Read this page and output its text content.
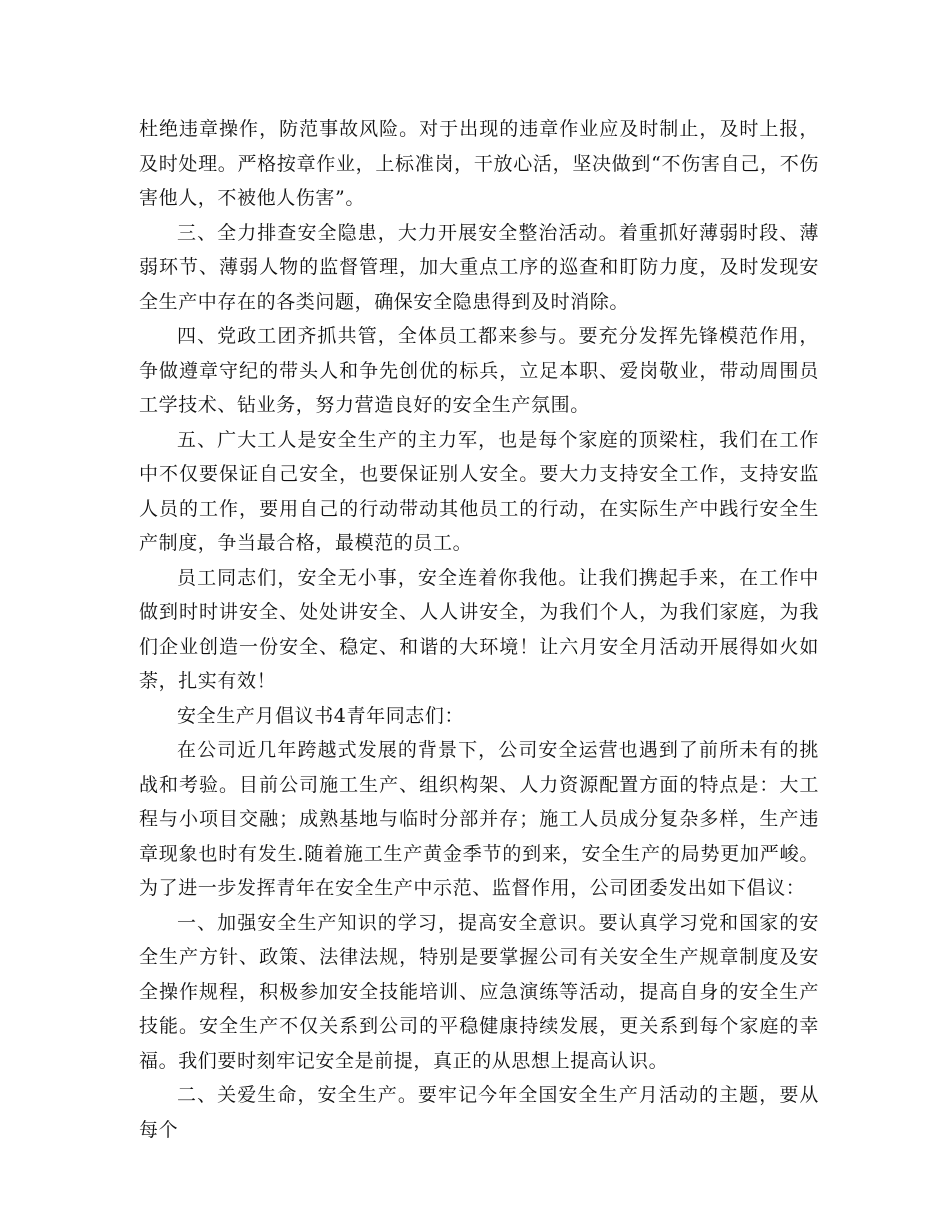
杜绝违章操作，防范事故风险。对于出现的违章作业应及时制止，及时上报，及时处理。严格按章作业，上标准岗，干放心活，坚决做到“不伤害自己，不伤害他人，不被他人伤害”。

三、全力排查安全隐患，大力开展安全整治活动。着重抓好薄弱时段、薄弱环节、薄弱人物的监督管理，加大重点工序的巡查和盯防力度，及时发现安全生产中存在的各类问题，确保安全隐患得到及时消除。

四、党政工团齐抓共管，全体员工都来参与。要充分发挥先锋模范作用，争做遵章守纪的带头人和争先创优的标兵，立足本职、爱岗敬业，带动周围员工学技术、钻业务，努力营造良好的安全生产氛围。

五、广大工人是安全生产的主力军，也是每个家庭的顶梁柱，我们在工作中不仅要保证自己安全，也要保证别人安全。要大力支持安全工作，支持安监人员的工作，要用自己的行动带动其他员工的行动，在实际生产中践行安全生产制度，争当最合格，最模范的员工。

员工同志们，安全无小事，安全连着你我他。让我们携起手来，在工作中做到时时讲安全、处处讲安全、人人讲安全，为我们个人，为我们家庭，为我们企业创造一份安全、稳定、和谐的大环境！让六月安全月活动开展得如火如荼，扎实有效！

安全生产月倡议书4青年同志们：

在公司近几年跨越式发展的背景下，公司安全运营也遇到了前所未有的挑战和考验。目前公司施工生产、组织构架、人力资源配置方面的特点是：大工程与小项目交融；成熟基地与临时分部并存；施工人员成分复杂多样，生产违章现象也时有发生.随着施工生产黄金季节的到来，安全生产的局势更加严峻。为了进一步发挥青年在安全生产中示范、监督作用，公司团委发出如下倡议：

一、加强安全生产知识的学习，提高安全意识。要认真学习党和国家的安全生产方针、政策、法律法规，特别是要掌握公司有关安全生产规章制度及安全操作规程，积极参加安全技能培训、应急演练等活动，提高自身的安全生产技能。安全生产不仅关系到公司的平稳健康持续发展，更关系到每个家庭的幸福。我们要时刻牢记安全是前提，真正的从思想上提高认识。

二、关爱生命，安全生产。要牢记今年全国安全生产月活动的主题，要从每个
